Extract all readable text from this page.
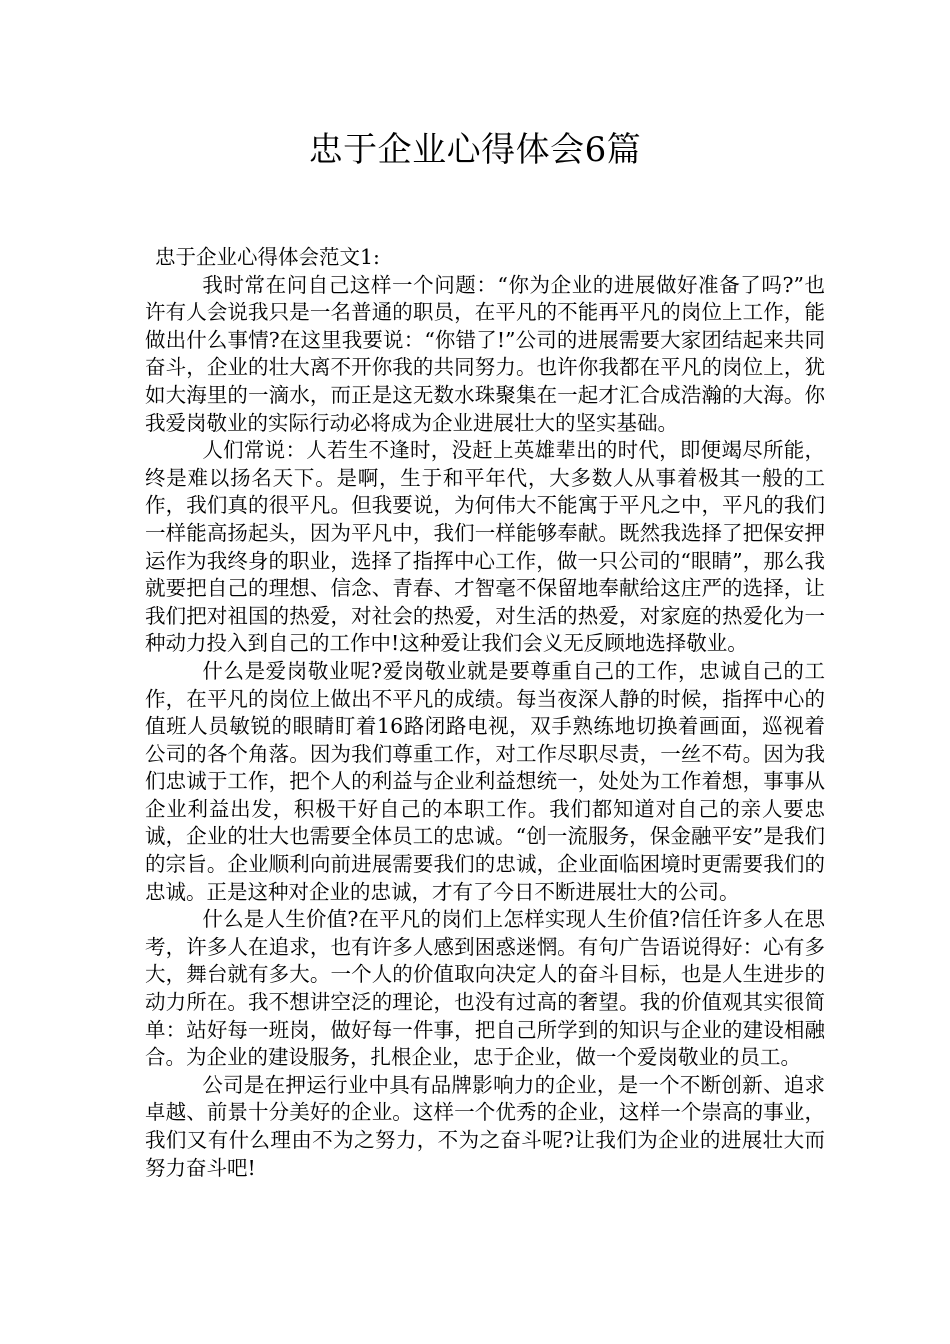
忠于企业心得体会6篇

忠于企业心得体会范文1:

我时常在问自己这样一个问题：“你为企业的进展做好准备了吗?”也许有人会说我只是一名普通的职员，在平凡的不能再平凡的岗位上工作，能做出什么事情?在这里我要说：“你错了!”公司的进展需要大家团结起来共同奋斗，企业的壮大离不开你我的共同努力。也许你我都在平凡的岗位上，犹如大海里的一滴水，而正是这无数水珠聚集在一起才汇合成浩瀚的大海。你我爱岗敬业的实际行动必将成为企业进展壮大的坚实基础。

人们常说：人若生不逢时，没赶上英雄辈出的时代，即便竭尽所能，终是难以扬名天下。是啊，生于和平年代，大多数人从事着极其一般的工作，我们真的很平凡。但我要说，为何伟大不能寓于平凡之中，平凡的我们一样能高扬起头，因为平凡中，我们一样能够奉献。既然我选择了把保安押运作为我终身的职业，选择了指挥中心工作，做一只公司的“眼睛”，那么我就要把自己的理想、信念、青春、才智毫不保留地奉献给这庄严的选择，让我们把对祖国的热爱，对社会的热爱，对生活的热爱，对家庭的热爱化为一种动力投入到自己的工作中!这种爱让我们会义无反顾地选择敬业。

什么是爱岗敬业呢?爱岗敬业就是要尊重自己的工作，忠诚自己的工作，在平凡的岗位上做出不平凡的成绩。每当夜深人静的时候，指挥中心的值班人员敏锐的眼睛盯着16路闭路电视，双手熟练地切换着画面，巡视着公司的各个角落。因为我们尊重工作，对工作尽职尽责，一丝不苟。因为我们忠诚于工作，把个人的利益与企业利益想统一，处处为工作着想，事事从企业利益出发，积极干好自己的本职工作。我们都知道对自己的亲人要忠诚，企业的壮大也需要全体员工的忠诚。“创一流服务，保金融平安”是我们的宗旨。企业顺利向前进展需要我们的忠诚，企业面临困境时更需要我们的忠诚。正是这种对企业的忠诚，才有了今日不断进展壮大的公司。

什么是人生价值?在平凡的岗们上怎样实现人生价值?信任许多人在思考，许多人在追求，也有许多人感到困惑迷惘。有句广告语说得好：心有多大，舞台就有多大。一个人的价值取向决定人的奋斗目标，也是人生进步的动力所在。我不想讲空泛的理论，也没有过高的奢望。我的价值观其实很简单：站好每一班岗，做好每一件事，把自己所学到的知识与企业的建设相融合。为企业的建设服务，扎根企业，忠于企业，做一个爱岗敬业的员工。

公司是在押运行业中具有品牌影响力的企业，是一个不断创新、追求卓越、前景十分美好的企业。这样一个优秀的企业，这样一个崇高的事业，我们又有什么理由不为之努力，不为之奋斗呢?让我们为企业的进展壮大而努力奋斗吧!
